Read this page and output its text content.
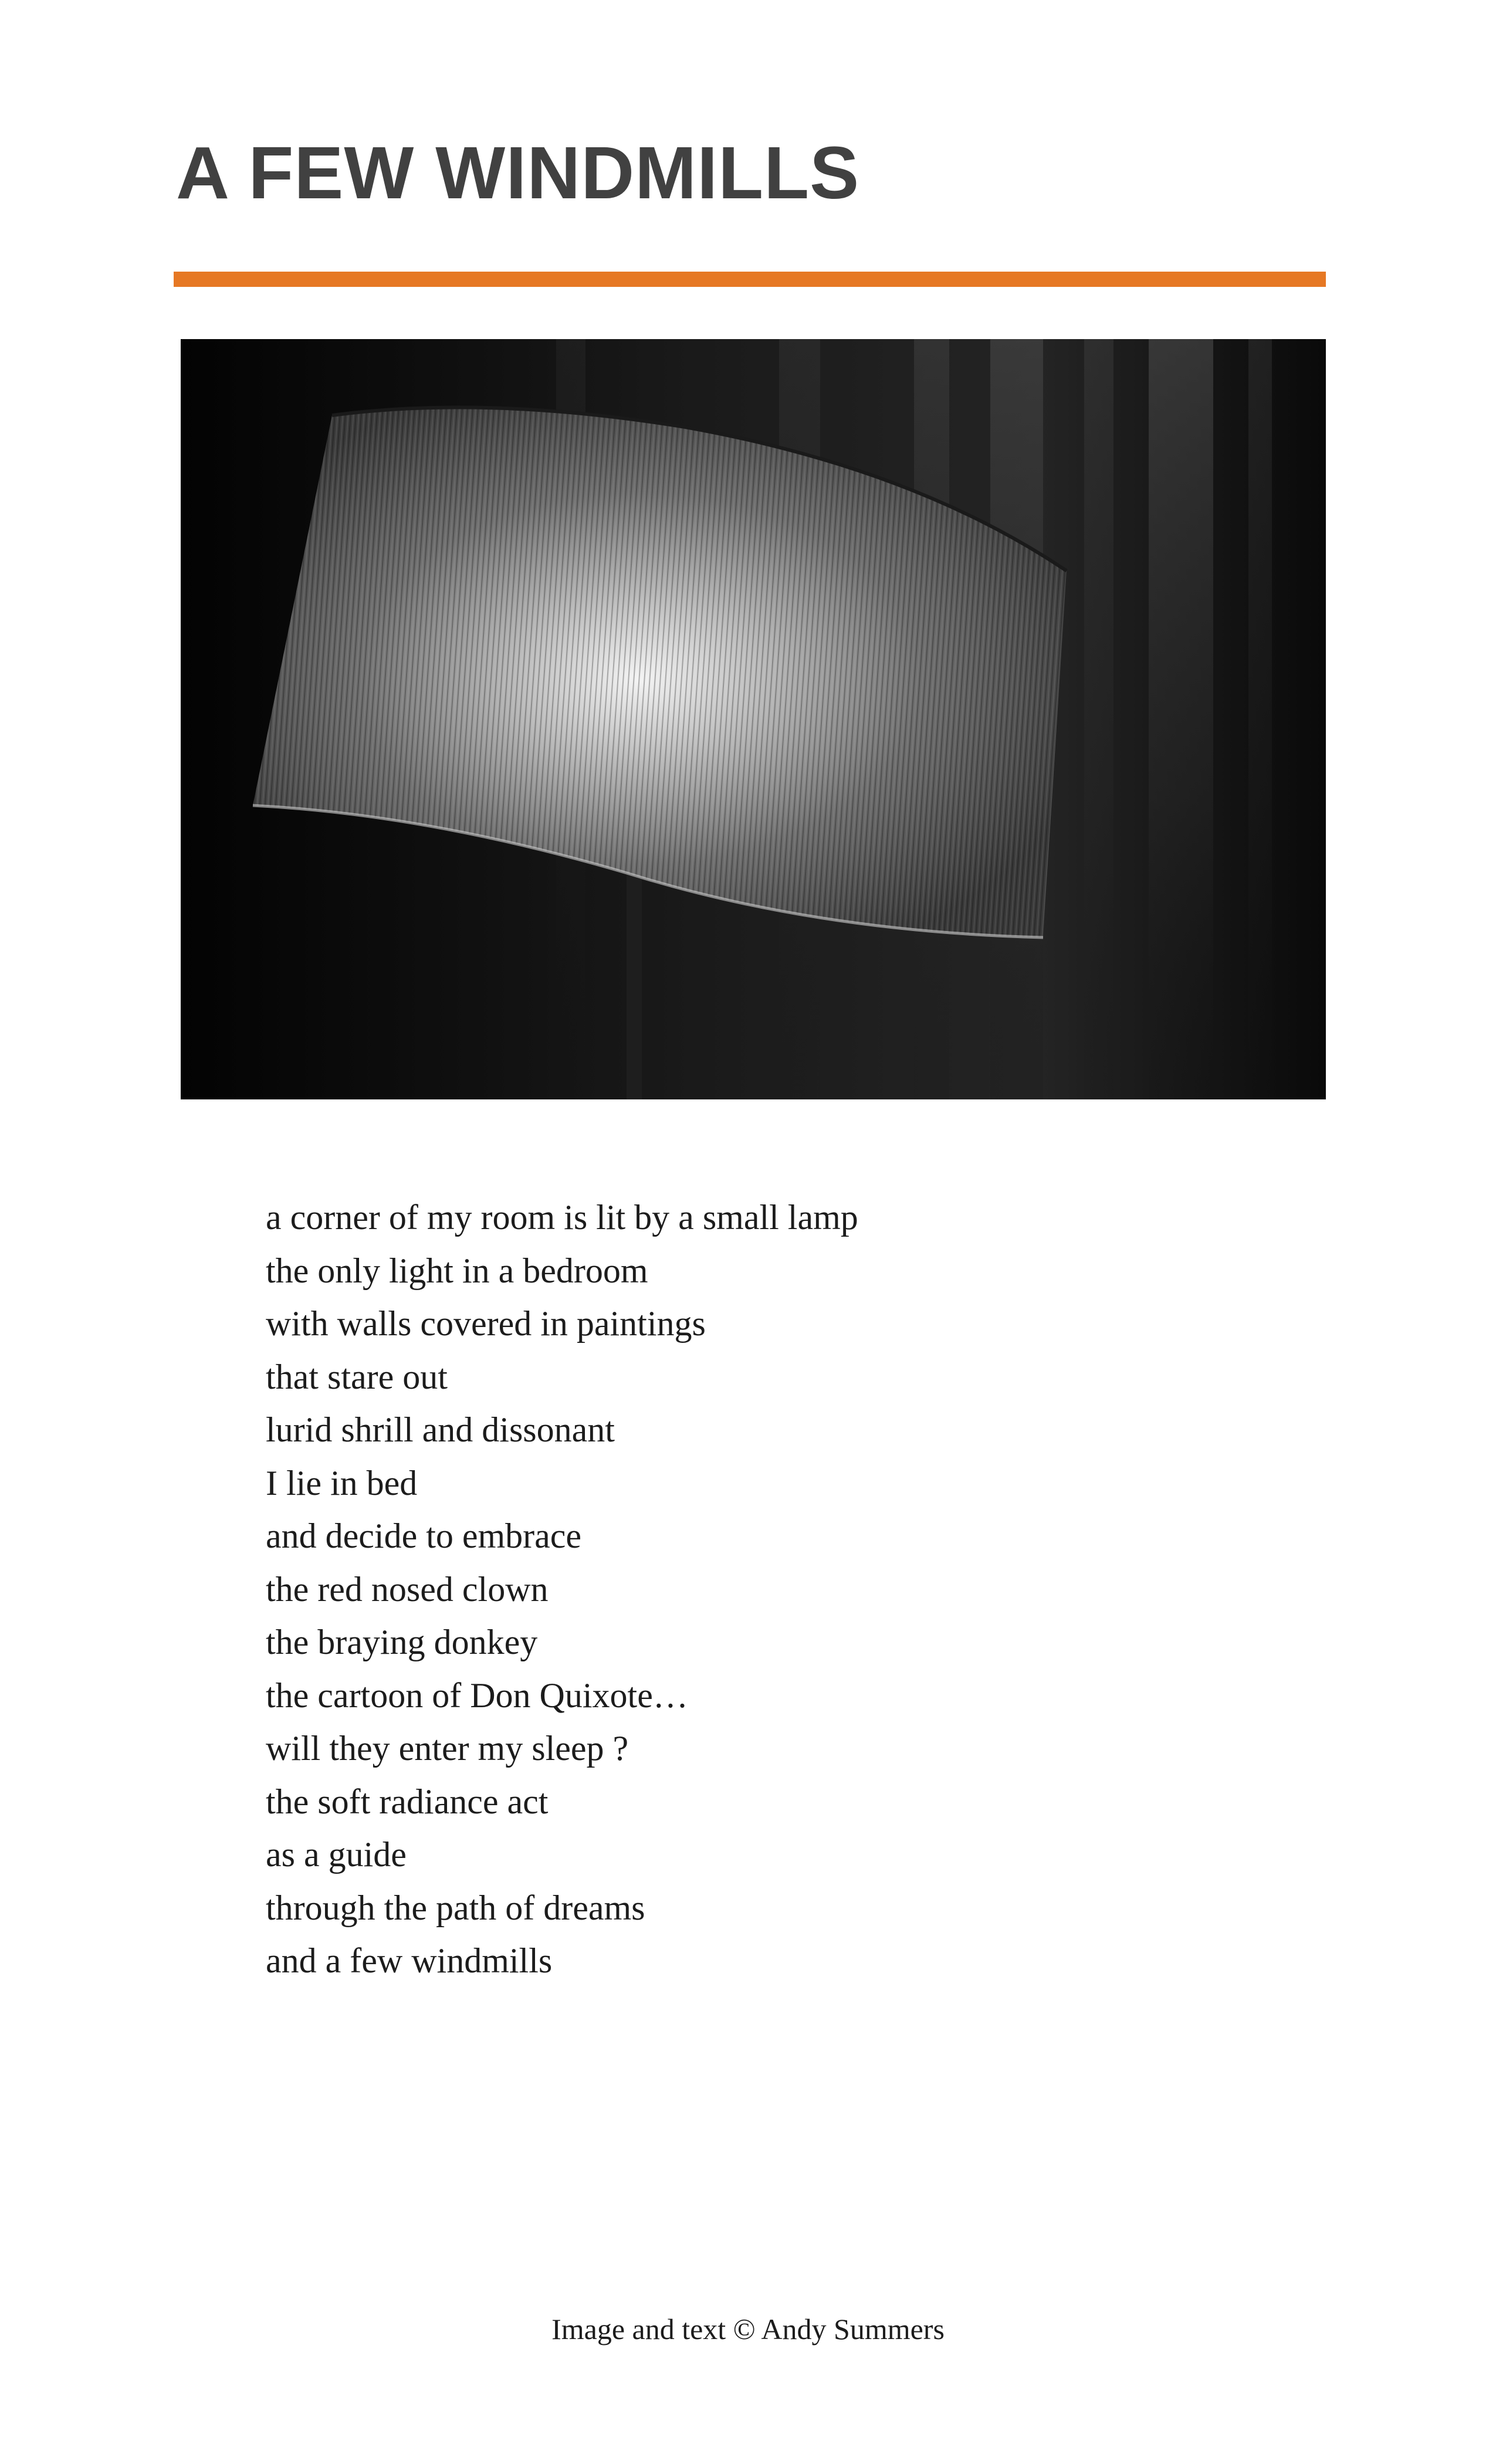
A FEW WINDMILLS
a corner of my room is lit by a small lamp
the only light in a bedroom
with walls covered in paintings
that stare out
lurid shrill and dissonant
I lie in bed
and decide to embrace
the red nosed clown
the braying donkey
the cartoon of Don Quixote…
will they enter my sleep ?
the soft radiance act
as a guide
through the path of dreams
and a few windmills
Image and text © Andy Summers
